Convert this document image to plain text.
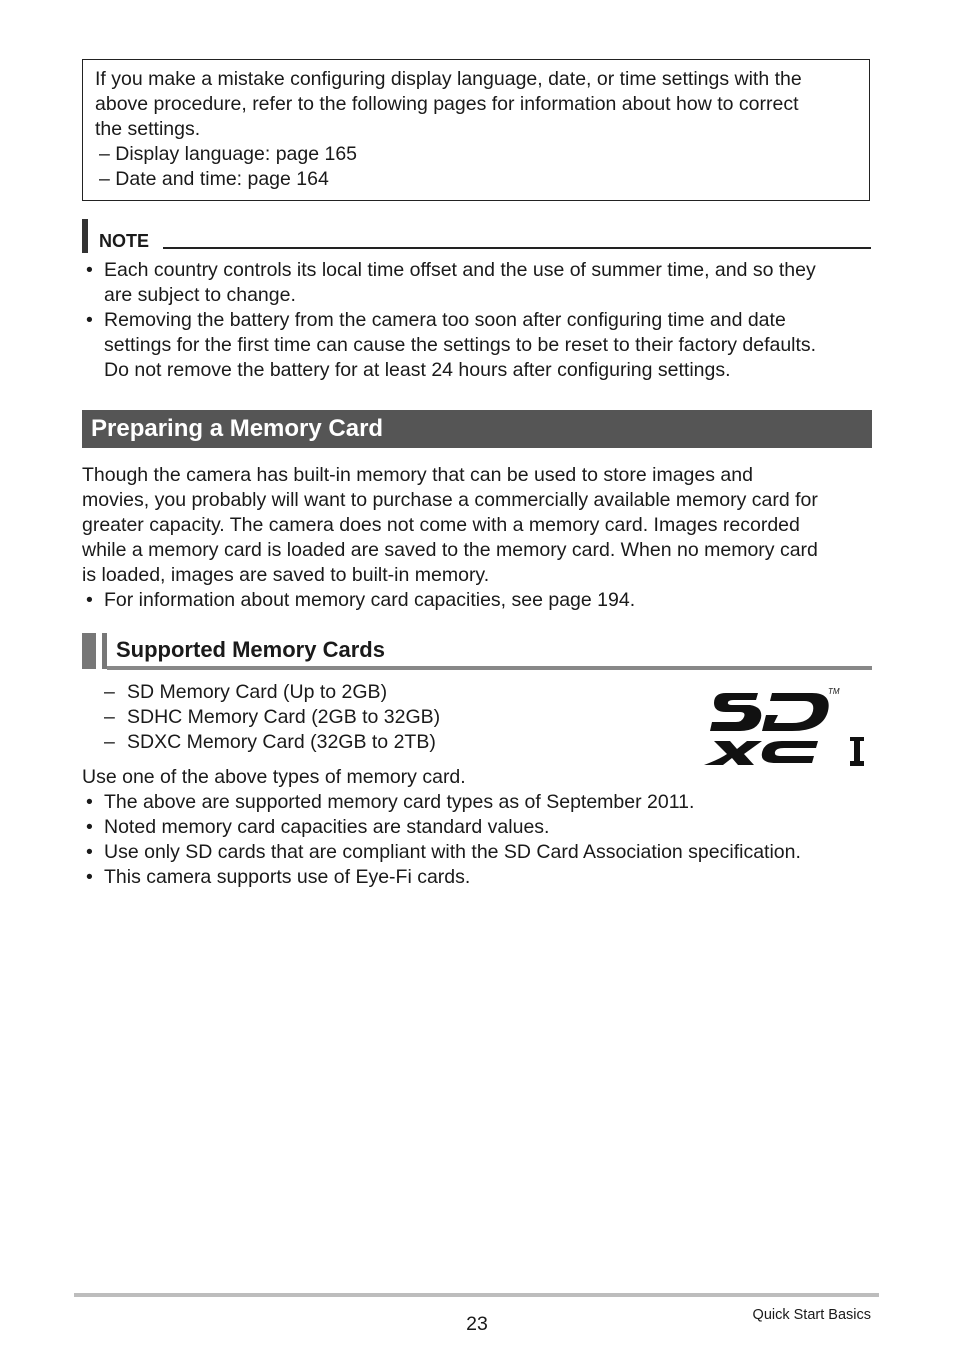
If you make a mistake configuring display language, date, or time settings with the
above procedure, refer to the following pages for information about how to correct
the settings.
– Display language: page 165
– Date and time: page 164
NOTE
• Each country controls its local time offset and the use of summer time, and so they
are subject to change.
• Removing the battery from the camera too soon after configuring time and date
settings for the first time can cause the settings to be reset to their factory defaults.
Do not remove the battery for at least 24 hours after configuring settings.
Preparing a Memory Card
Though the camera has built-in memory that can be used to store images and
movies, you probably will want to purchase a commercially available memory card for
greater capacity. The camera does not come with a memory card. Images recorded
while a memory card is loaded are saved to the memory card. When no memory card
is loaded, images are saved to built-in memory.
• For information about memory card capacities, see page 194.
Supported Memory Cards
– SD Memory Card (Up to 2GB)
– SDHC Memory Card (2GB to 32GB)
– SDXC Memory Card (32GB to 2TB)
TM
Use one of the above types of memory card.
• The above are supported memory card types as of September 2011.
• Noted memory card capacities are standard values.
• Use only SD cards that are compliant with the SD Card Association specification.
• This camera supports use of Eye-Fi cards.
23	Quick Start Basics
